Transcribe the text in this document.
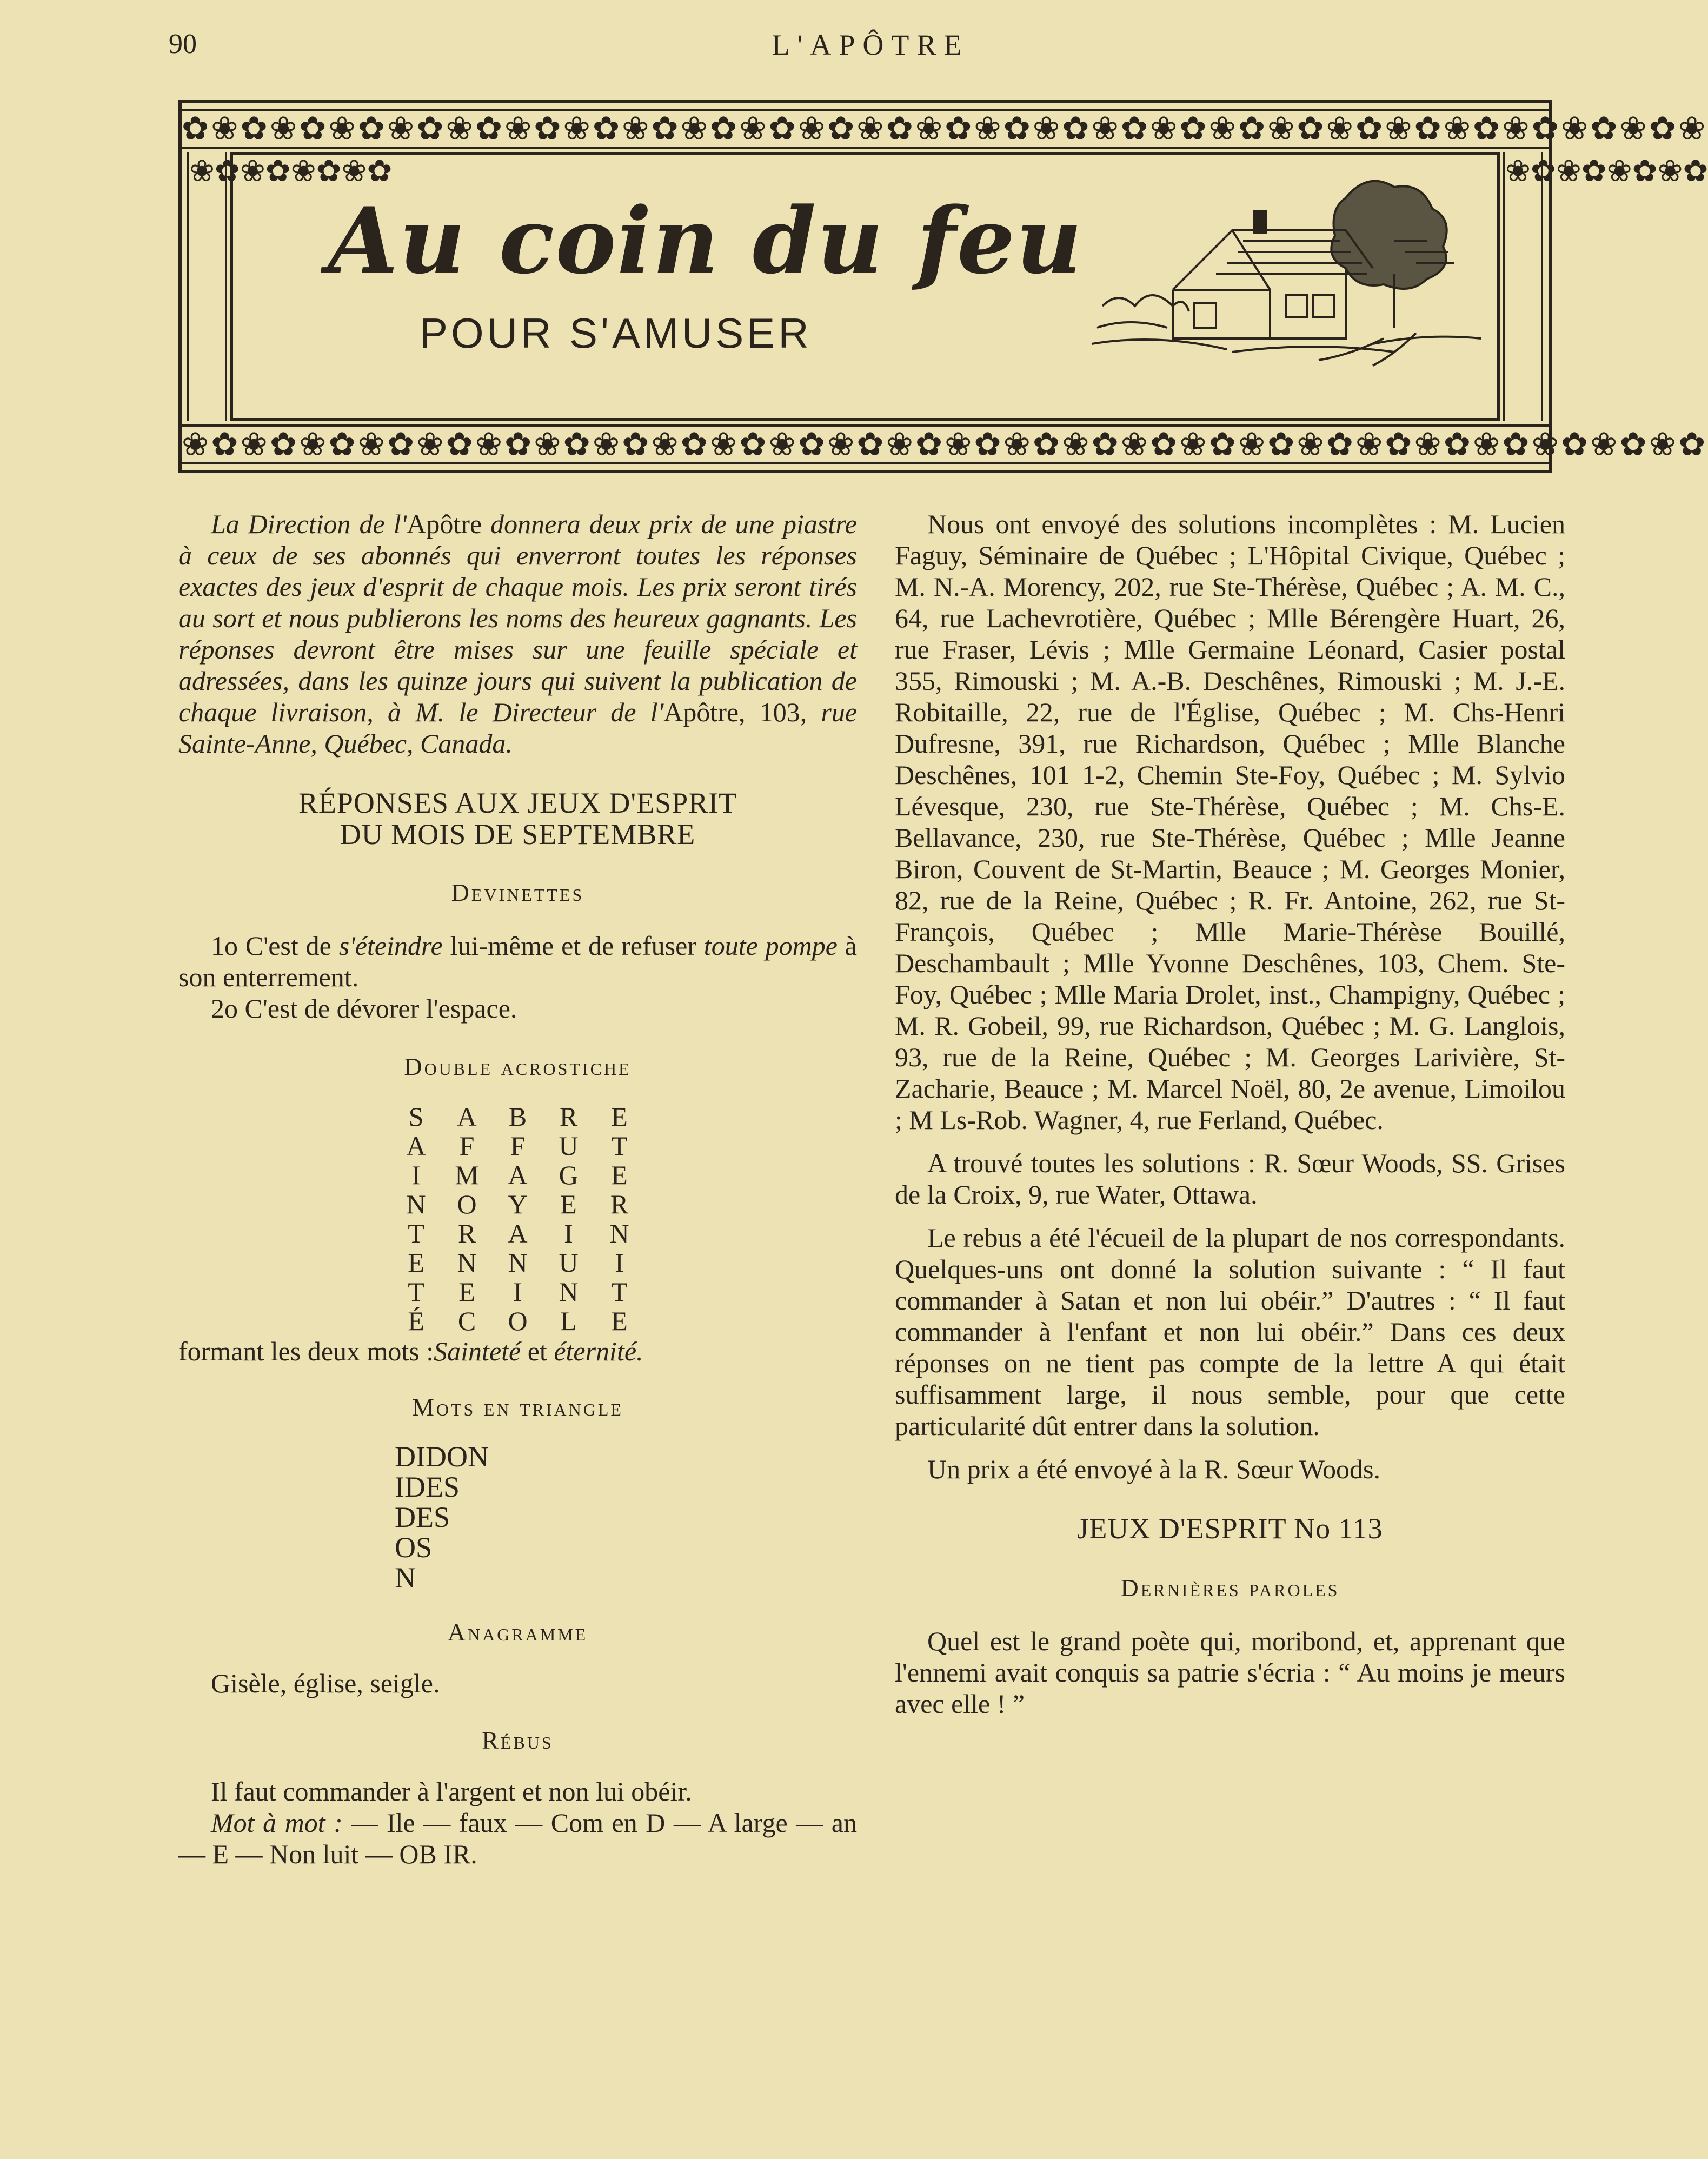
90	L'APÔTRE
✿❀✿❀✿❀✿❀✿❀✿❀✿❀✿❀✿❀✿❀✿❀✿❀✿❀✿❀✿❀✿❀✿❀✿❀✿❀✿❀✿❀✿❀✿❀✿❀✿❀✿❀
❀✿❀✿❀✿❀✿❀✿❀✿❀✿❀✿❀✿❀✿❀✿❀✿❀✿❀✿❀✿❀✿❀✿❀✿❀✿❀✿❀✿❀✿❀✿❀✿❀✿❀✿
❀✿❀✿❀✿❀✿	❀✿❀✿❀✿❀✿
Au coin du feu
POUR S'AMUSER

La Direction de l'Apôtre donnera deux prix de une piastre à ceux de ses abonnés qui enverront toutes les réponses exactes des jeux d'esprit de chaque mois. Les prix seront tirés au sort et nous publierons les noms des heureux gagnants. Les réponses devront être mises sur une feuille spéciale et adressées, dans les quinze jours qui suivent la publication de chaque livraison, à M. le Directeur de l'Apôtre, 103, rue Sainte-Anne, Québec, Canada.

RÉPONSES AUX JEUX D'ESPRIT
DU MOIS DE SEPTEMBRE
Devinettes

1o C'est de s'éteindre lui-même et de refuser toute pompe à son enterrement.

2o C'est de dévorer l'espace.

Double acrostiche
S	A	B	R	E
A	F	F	U	T
I	M	A	G	E
N	O	Y	E	R
T	R	A	I	N
E	N	N	U	I
T	E	I	N	T
É	C	O	L	E

formant les deux mots :Sainteté et éternité.

Mots en triangle
DIDON
IDES
DES
OS
N
Anagramme

Gisèle, église, seigle.

Rébus

Il faut commander à l'argent et non lui obéir.

Mot à mot : — Ile — faux — Com en D — A large — an — E — Non luit — OB IR.

Nous ont envoyé des solutions incomplètes : M. Lucien Faguy, Séminaire de Québec ; L'Hôpital Civique, Québec ; M. N.-A. Morency, 202, rue Ste-Thérèse, Québec ; A. M. C., 64, rue Lachevrotière, Québec ; Mlle Bérengère Huart, 26, rue Fraser, Lévis ; Mlle Germaine Léonard, Casier postal 355, Rimouski ; M. A.-B. Deschênes, Rimouski ; M. J.-E. Robitaille, 22, rue de l'Église, Québec ; M. Chs-Henri Dufresne, 391, rue Richardson, Québec ; Mlle Blanche Deschênes, 101 1-2, Chemin Ste-Foy, Québec ; M. Sylvio Lévesque, 230, rue Ste-Thérèse, Québec ; M. Chs-E. Bellavance, 230, rue Ste-Thérèse, Québec ; Mlle Jeanne Biron, Couvent de St-Martin, Beauce ; M. Georges Monier, 82, rue de la Reine, Québec ; R. Fr. Antoine, 262, rue St-François, Québec ; Mlle Marie-Thérèse Bouillé, Deschambault ; Mlle Yvonne Deschênes, 103, Chem. Ste-Foy, Québec ; Mlle Maria Drolet, inst., Champigny, Québec ; M. R. Gobeil, 99, rue Richardson, Québec ; M. G. Langlois, 93, rue de la Reine, Québec ; M. Georges Larivière, St-Zacharie, Beauce ; M. Marcel Noël, 80, 2e avenue, Limoilou ; M Ls-Rob. Wagner, 4, rue Ferland, Québec.

A trouvé toutes les solutions : R. Sœur Woods, SS. Grises de la Croix, 9, rue Water, Ottawa.

Le rebus a été l'écueil de la plupart de nos correspondants. Quelques-uns ont donné la solution suivante : “ Il faut commander à Satan et non lui obéir.” D'autres : “ Il faut commander à l'enfant et non lui obéir.” Dans ces deux réponses on ne tient pas compte de la lettre A qui était suffisamment large, il nous semble, pour que cette particularité dût entrer dans la solution.

Un prix a été envoyé à la R. Sœur Woods.

JEUX D'ESPRIT No 113
Dernières paroles

Quel est le grand poète qui, moribond, et, apprenant que l'ennemi avait conquis sa patrie s'écria : “ Au moins je meurs avec elle ! ”
